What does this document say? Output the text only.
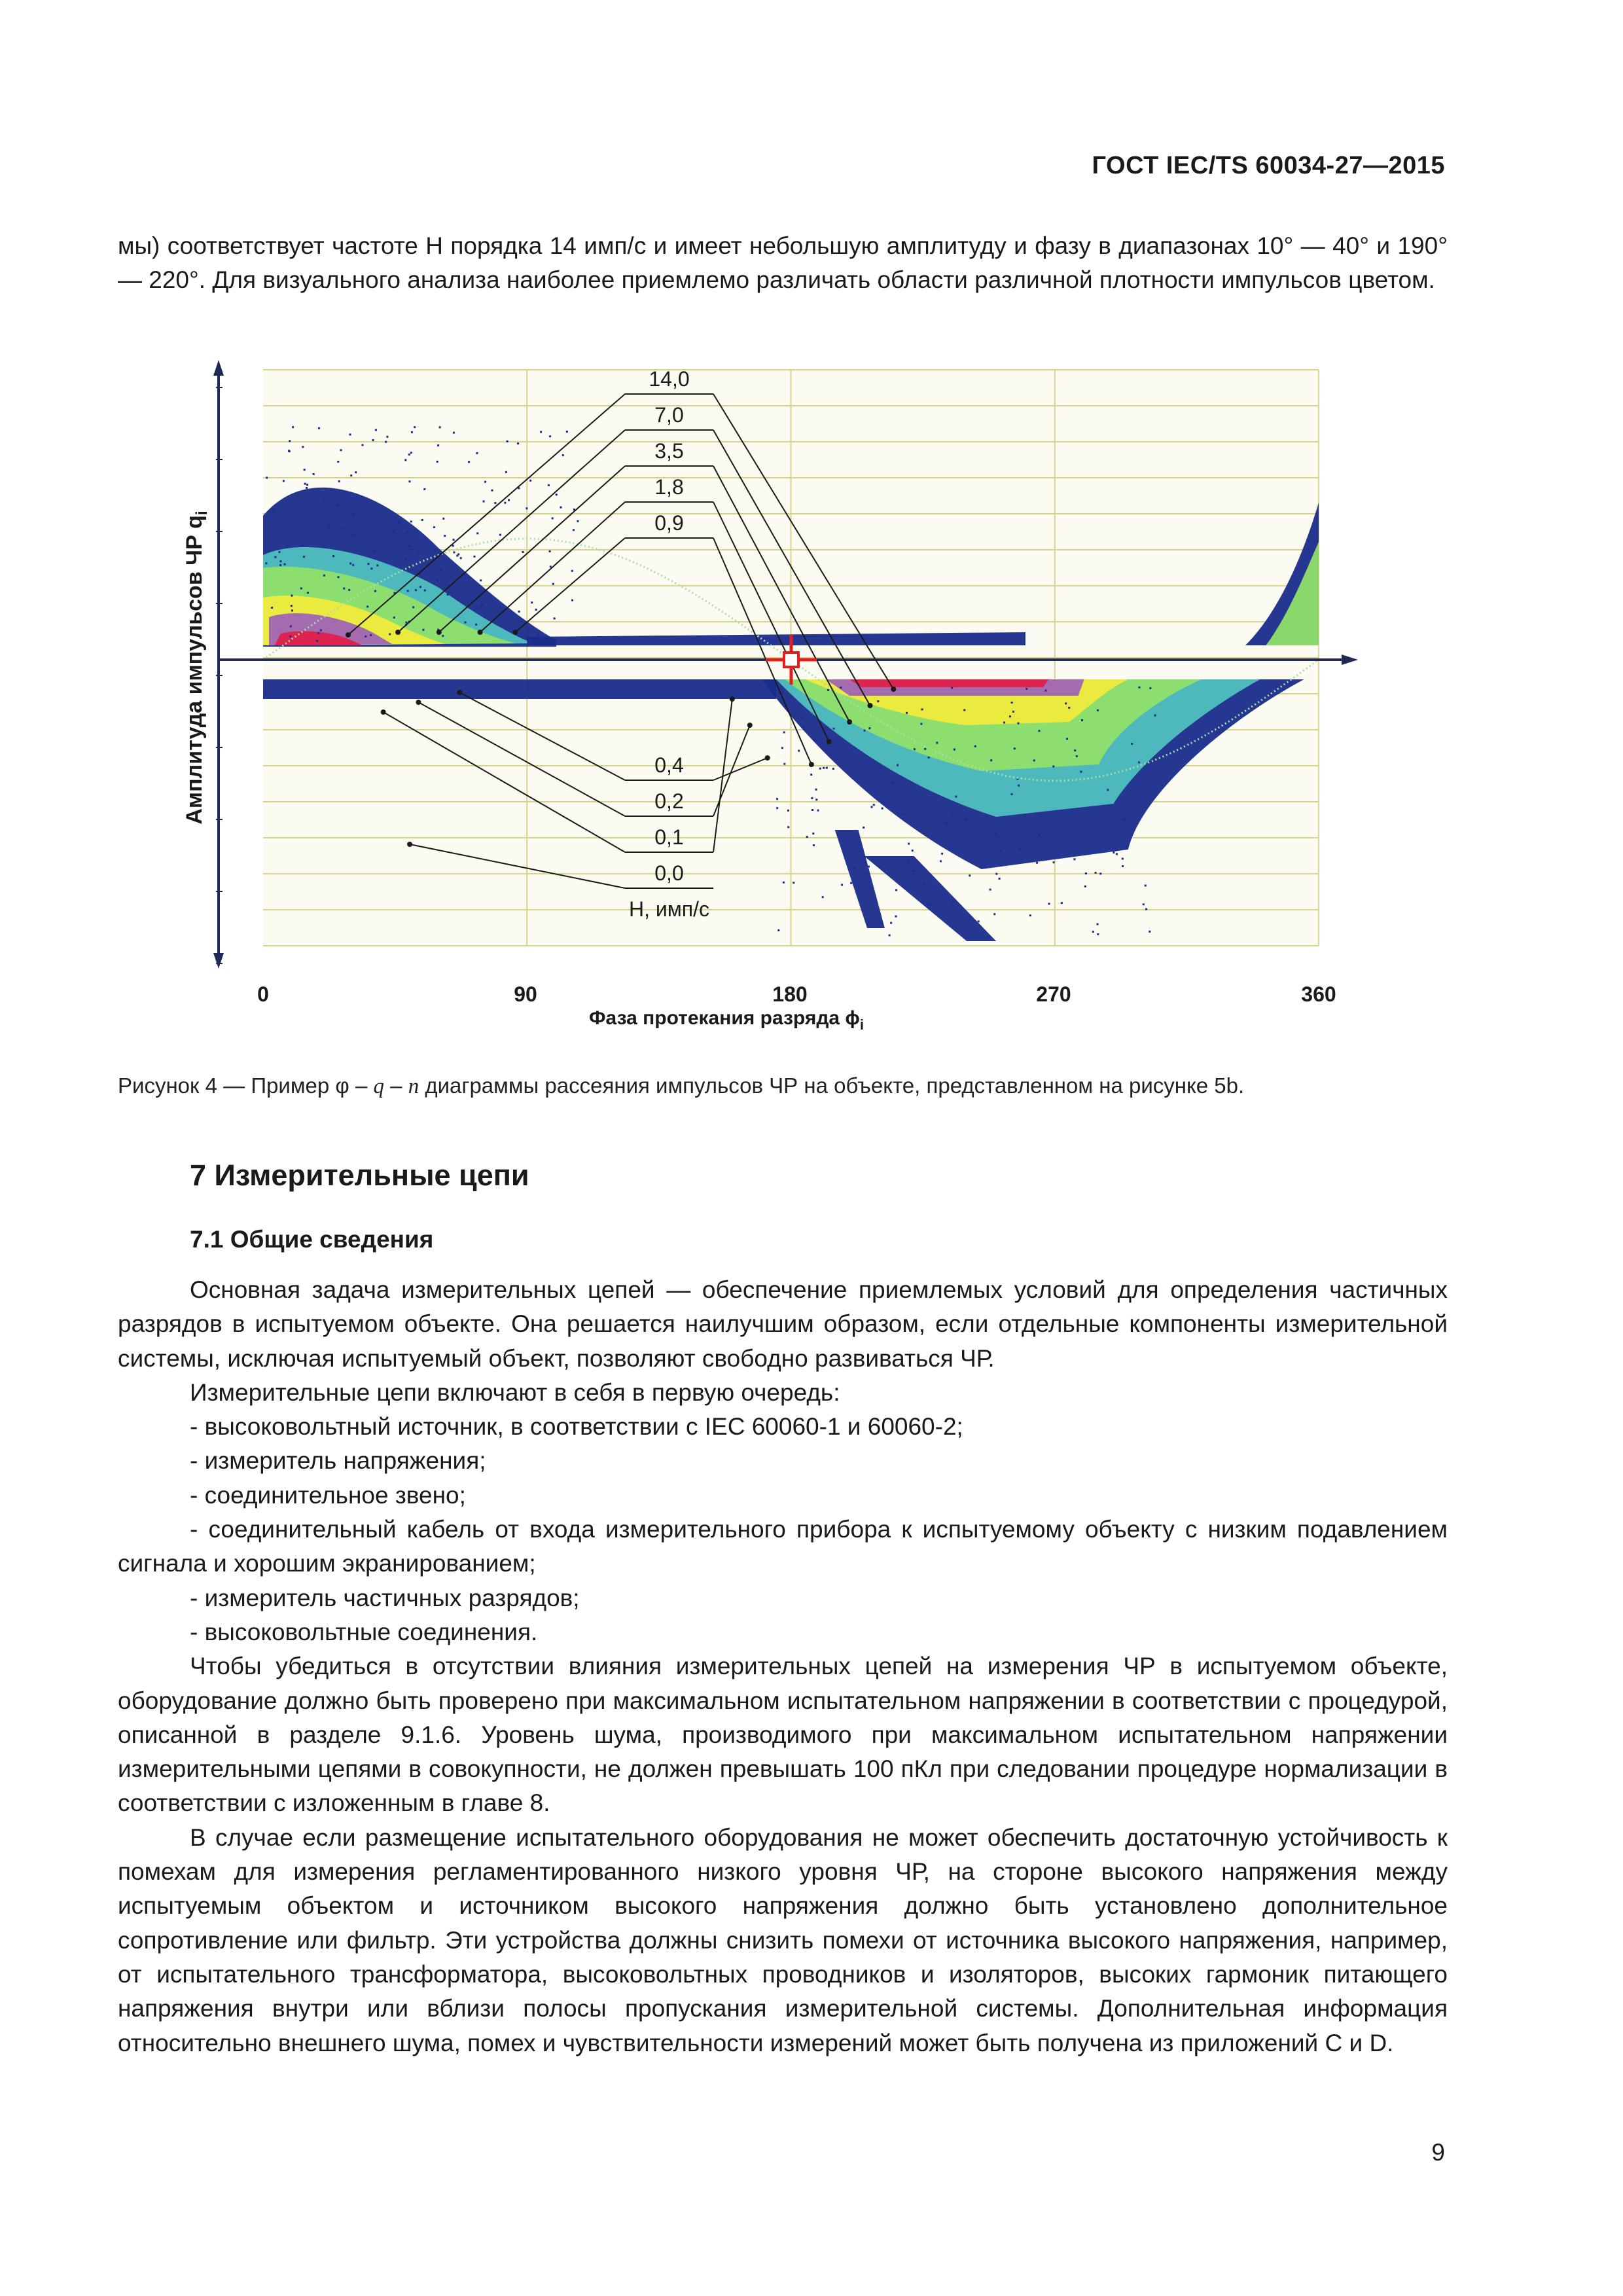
ГОСТ IEC/TS 60034-27—2015
мы) соответствует частоте H порядка 14 имп/с и имеет небольшую амплитуду и фазу в диапазонах 10° — 40° и 190° — 220°. Для визуального анализа наиболее приемлемо различать области различной плотности импульсов цветом.
Амплитуда импульсов ЧР $q_i$
0	90	180	270	360
Фаза протекания разряда $\phi_i$
14,0
7,0
3,5
1,8
0,9
0,4
0,2
0,1
0,0
H, имп/с
Рисунок 4 — Пример φ – q – n диаграммы рассеяния импульсов ЧР на объекте, представленном на рисунке 5b.
7 Измерительные цепи
7.1 Общие сведения

Основная задача измерительных цепей — обеспечение приемлемых условий для определения частичных разрядов в испытуемом объекте. Она решается наилучшим образом, если отдельные компоненты измерительной системы, исключая испытуемый объект, позволяют свободно развиваться ЧР.

Измерительные цепи включают в себя в первую очередь:

- высоковольтный источник, в соответствии с IEC 60060-1 и 60060-2;

- измеритель напряжения;

- соединительное звено;

- соединительный кабель от входа измерительного прибора к испытуемому объекту с низким подавлением сигнала и хорошим экранированием;

- измеритель частичных разрядов;

- высоковольтные соединения.

Чтобы убедиться в отсутствии влияния измерительных цепей на измерения ЧР в испытуемом объекте, оборудование должно быть проверено при максимальном испытательном напряжении в соответствии с процедурой, описанной в разделе 9.1.6. Уровень шума, производимого при максимальном испытательном напряжении измерительными цепями в совокупности, не должен превышать 100 пКл при следовании процедуре нормализации в соответствии с изложенным в главе 8.

В случае если размещение испытательного оборудования не может обеспечить достаточную устойчивость к помехам для измерения регламентированного низкого уровня ЧР, на стороне высокого напряжения между испытуемым объектом и источником высокого напряжения должно быть установлено дополнительное сопротивление или фильтр. Эти устройства должны снизить помехи от источника высокого напряжения, например, от испытательного трансформатора, высоковольтных проводников и изоляторов, высоких гармоник питающего напряжения внутри или вблизи полосы пропускания измерительной системы. Дополнительная информация относительно внешнего шума, помех и чувствительности измерений может быть получена из приложений C и D.

9
